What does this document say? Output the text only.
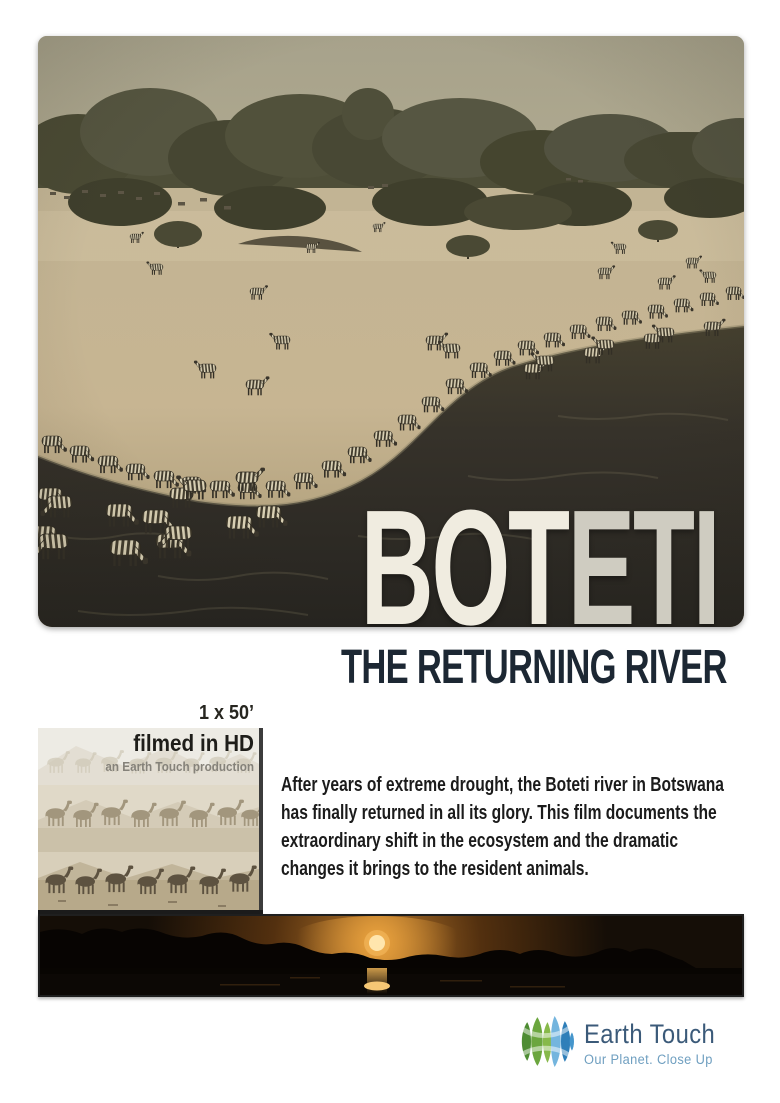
BOTETI
THE RETURNING RIVER
1 x 50’
filmed in HD
an Earth Touch production
After years of extreme drought, the Boteti river in Botswana
has finally returned in all its glory. This film documents the
extraordinary shift in the ecosystem and the dramatic
changes it brings to the resident animals.
Earth Touch
Our Planet. Close Up
